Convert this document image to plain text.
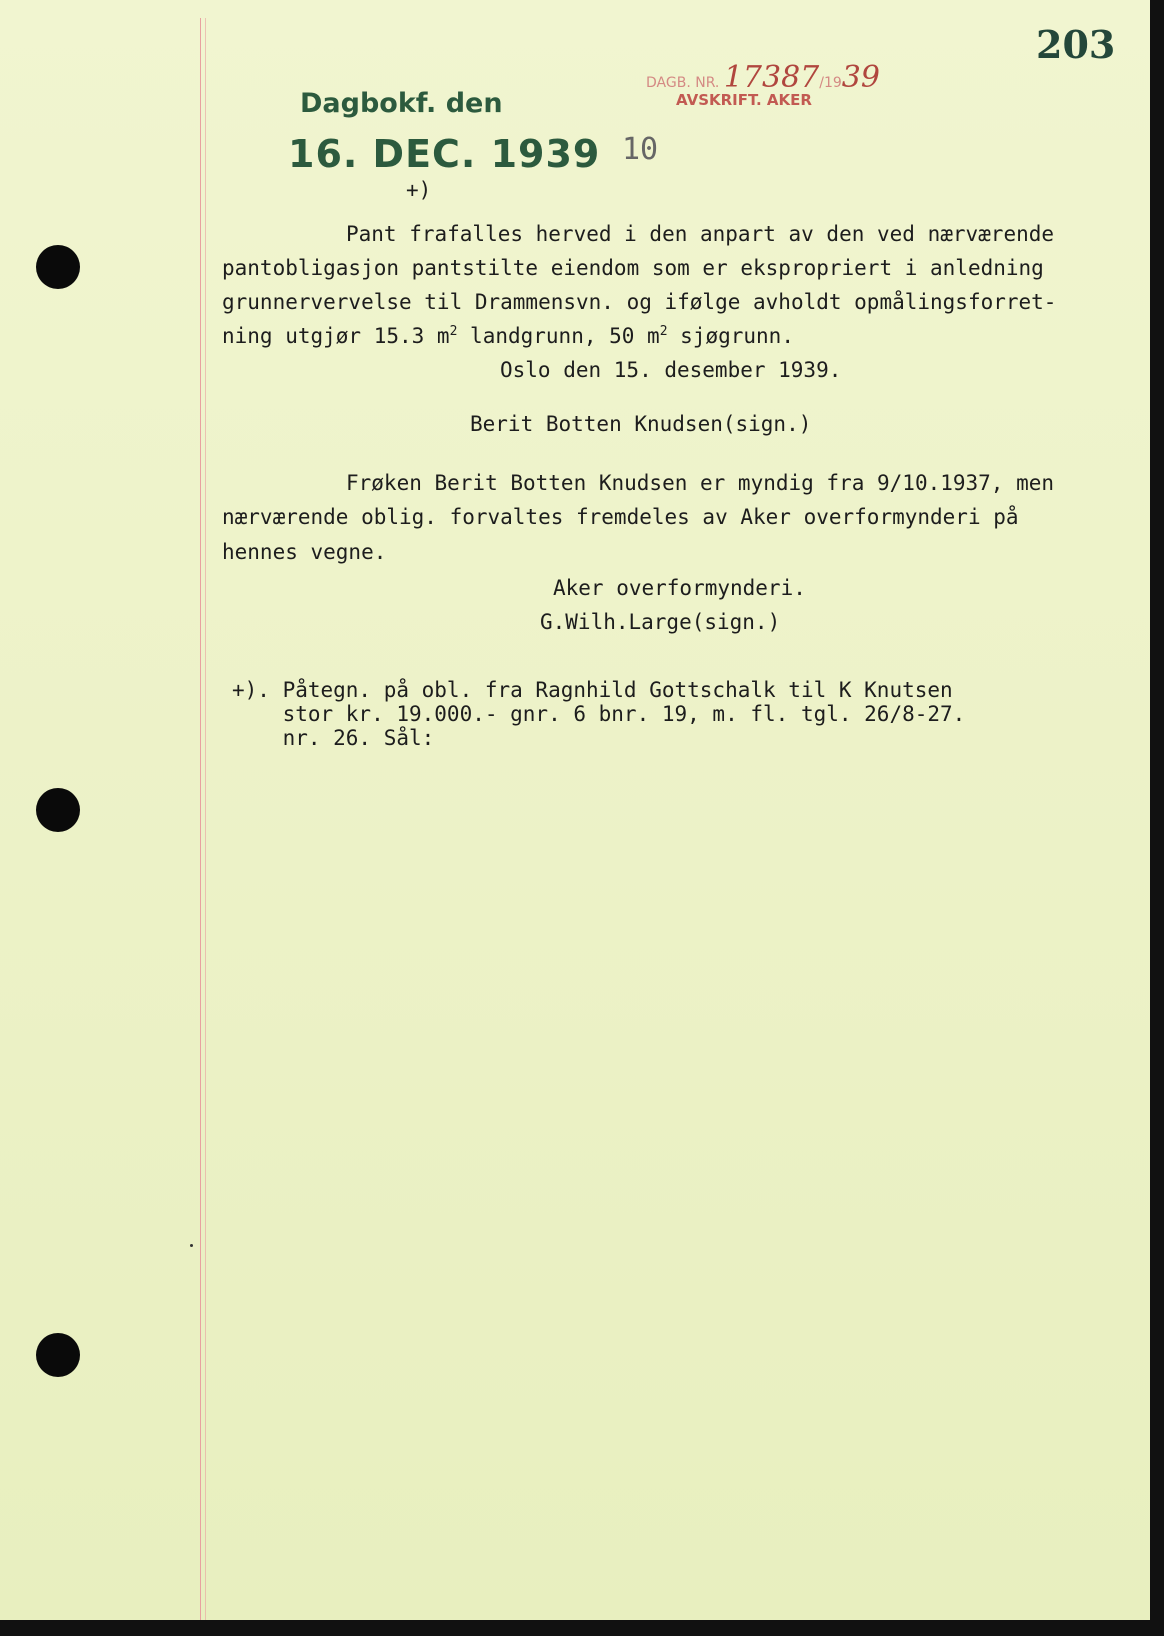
203
Dagbokf. den
16. DEC. 1939
DAGB. NR. 17387/1939
AVSKRIFT. AKER
10
+)
Pant frafalles herved i den anpart av den ved nærværende
pantobligasjon pantstilte eiendom som er ekspropriert i anledning
grunnervervelse til Drammensvn. og ifølge avholdt opmålingsforret-
ning utgjør 15.3 $m^2$ landgrunn, 50 $m^2$ sjøgrunn.
Oslo den 15. desember 1939.
Berit Botten Knudsen(sign.)
Frøken Berit Botten Knudsen er myndig fra 9/10.1937, men
nærværende oblig. forvaltes fremdeles av Aker overformynderi på
hennes vegne.
Aker overformynderi.
G.Wilh.Large(sign.)
+). Påtegn. på obl. fra Ragnhild Gottschalk til K Knutsen
stor kr. 19.000.- gnr. 6 bnr. 19, m. fl. tgl. 26/8-27.
nr. 26. Sål:
